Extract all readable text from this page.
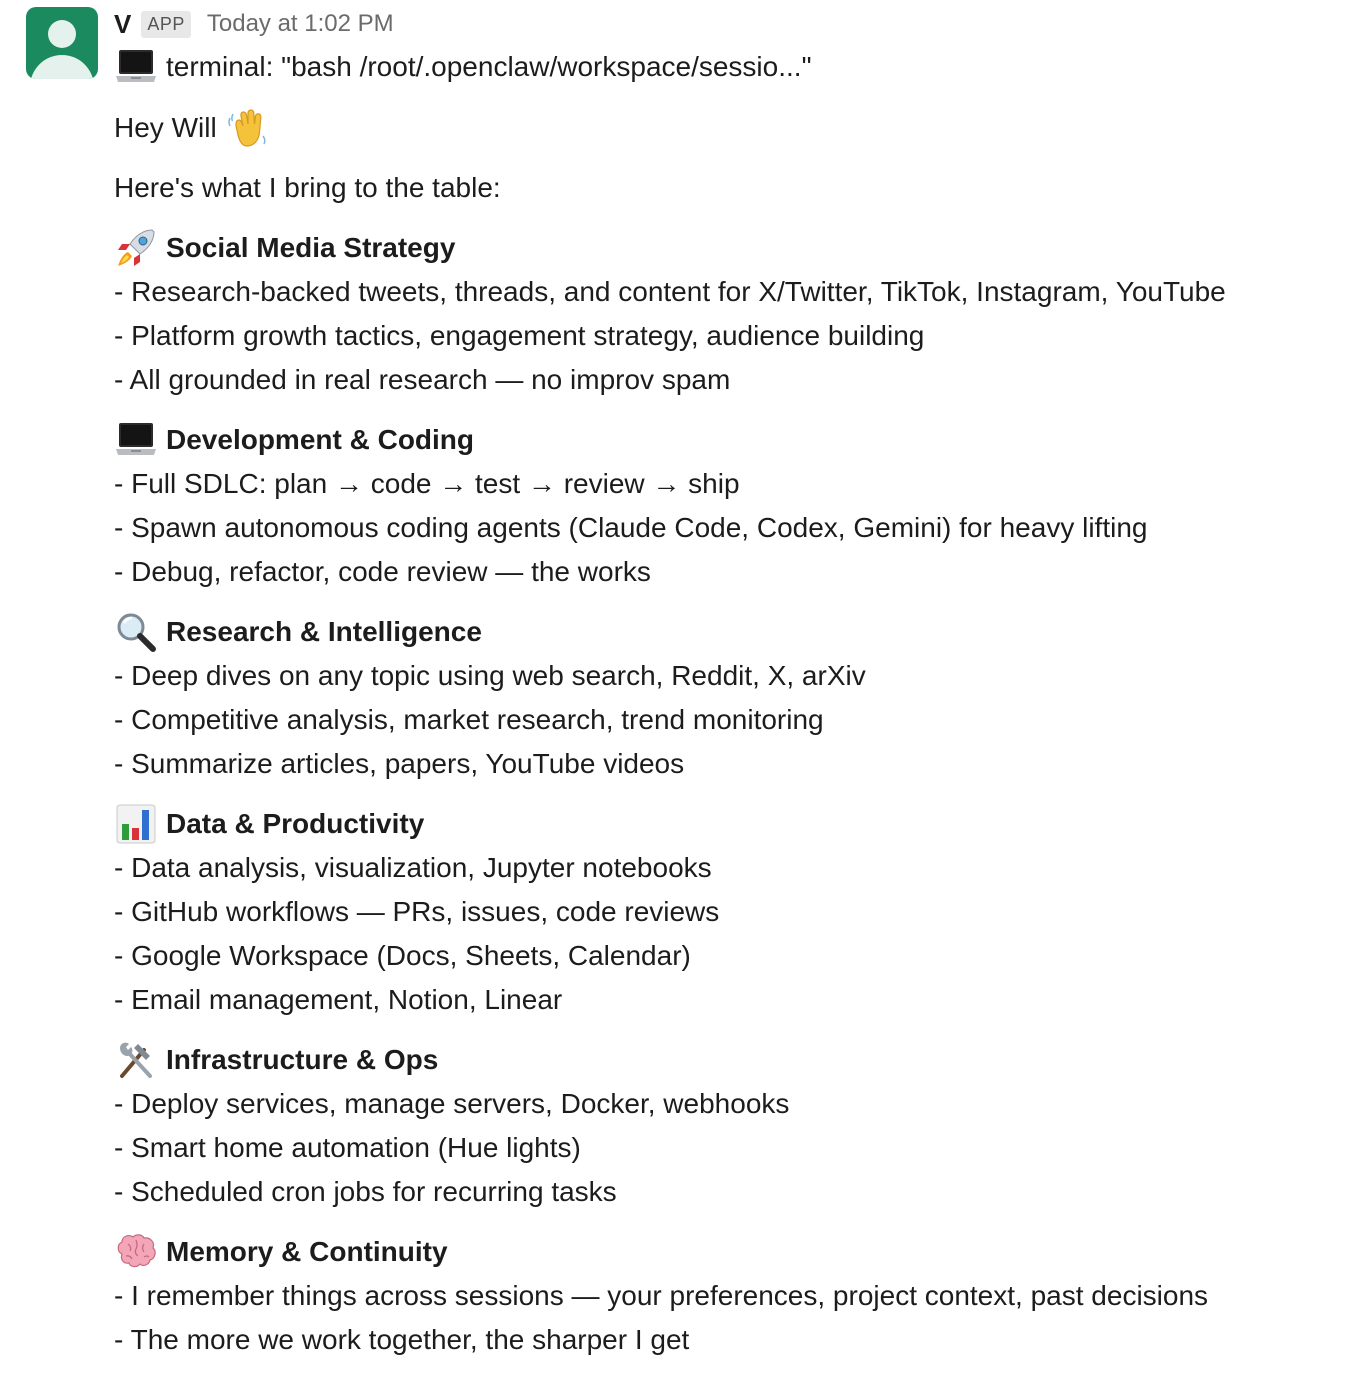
V APP Today at 1:02 PM
terminal: "bash /root/.openclaw/workspace/sessio..."
Hey Will
Here's what I bring to the table:
Social Media Strategy
- Research-backed tweets, threads, and content for X/Twitter, TikTok, Instagram, YouTube
- Platform growth tactics, engagement strategy, audience building
- All grounded in real research — no improv spam
Development & Coding
- Full SDLC: plan → code → test → review → ship
- Spawn autonomous coding agents (Claude Code, Codex, Gemini) for heavy lifting
- Debug, refactor, code review — the works
Research & Intelligence
- Deep dives on any topic using web search, Reddit, X, arXiv
- Competitive analysis, market research, trend monitoring
- Summarize articles, papers, YouTube videos
Data & Productivity
- Data analysis, visualization, Jupyter notebooks
- GitHub workflows — PRs, issues, code reviews
- Google Workspace (Docs, Sheets, Calendar)
- Email management, Notion, Linear
Infrastructure & Ops
- Deploy services, manage servers, Docker, webhooks
- Smart home automation (Hue lights)
- Scheduled cron jobs for recurring tasks
Memory & Continuity
- I remember things across sessions — your preferences, project context, past decisions
- The more we work together, the sharper I get
